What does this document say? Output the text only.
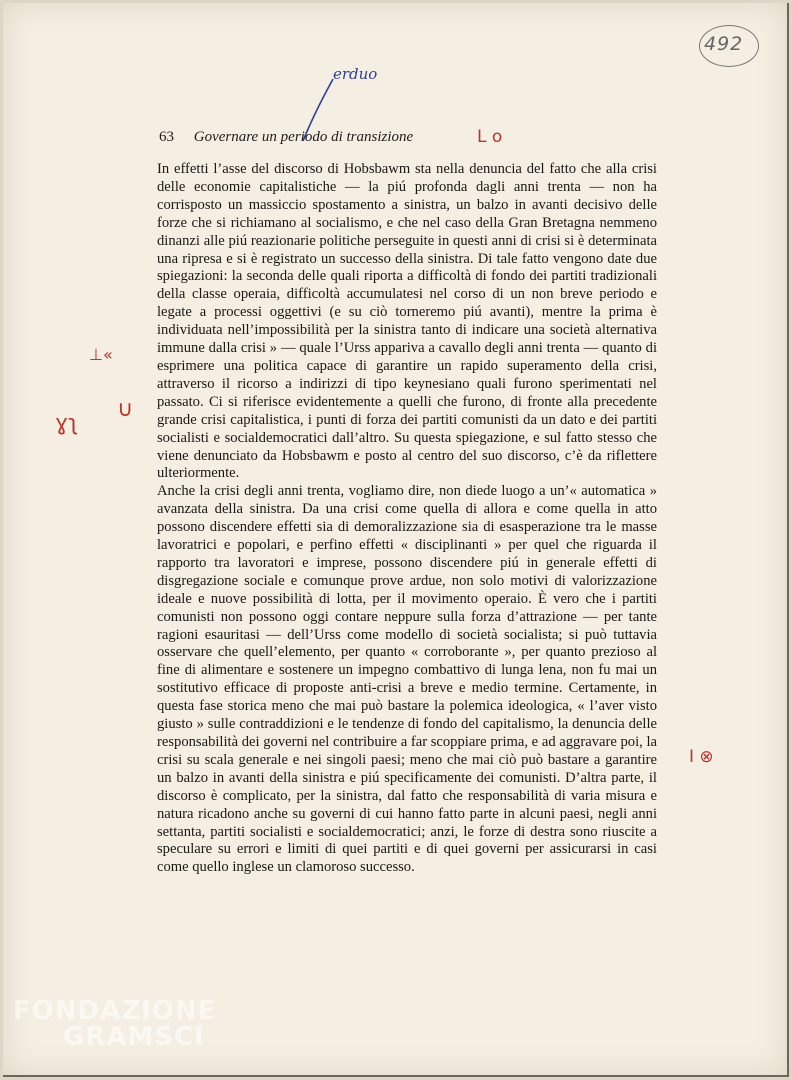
492
63 Governare un periodo di transizione
erduo
L o
⊥«
ɣʅ
∪
I ⊗

In effetti l’asse del discorso di Hobsbawm sta nella denuncia del fatto che alla crisi delle economie capitalistiche — la piú profonda dagli anni trenta — non ha corrisposto un massiccio spostamento a sinistra, un balzo in avanti decisivo delle forze che si richiamano al socialismo, e che nel caso della Gran Bretagna nemmeno dinanzi alle piú reazionarie politiche perseguite in questi anni di crisi si è determinata una ripresa e si è registrato un successo della sinistra. Di tale fatto vengono date due spiegazioni: la seconda delle quali riporta a difficoltà di fondo dei partiti tradizionali della classe operaia, difficoltà accumulatesi nel corso di un non breve periodo e legate a processi oggettivi (e su ciò torneremo piú avanti), mentre la prima è individuata nell’impossibilità per la sinistra tanto di indicare una società alternativa immune dalla crisi » — quale l’Urss appariva a cavallo degli anni trenta — quanto di esprimere una politica capace di garantire un rapido superamento della crisi, attraverso il ricorso a indirizzi di tipo keynesiano quali furono sperimentati nel passato. Ci si riferisce evidentemente a quelli che furono, di fronte alla precedente grande crisi capitalistica, i punti di forza dei partiti comunisti da un dato e dei partiti socialisti e socialdemocratici dall’altro. Su questa spiegazione, e sul fatto stesso che viene denunciato da Hobsbawm e posto al centro del suo discorso, c’è da riflettere ulteriormente.

Anche la crisi degli anni trenta, vogliamo dire, non diede luogo a un’« automatica » avanzata della sinistra. Da una crisi come quella di allora e come quella in atto possono discendere effetti sia di demoralizzazione sia di esasperazione tra le masse lavoratrici e popolari, e perfino effetti « disciplinanti » per quel che riguarda il rapporto tra lavoratori e imprese, possono discendere piú in generale effetti di disgregazione sociale e comunque prove ardue, non solo motivi di valorizzazione ideale e nuove possibilità di lotta, per il movimento operaio. È vero che i partiti comunisti non possono oggi contare neppure sulla forza d’attrazione — per tante ragioni esauritasi — dell’Urss come modello di società socialista; si può tuttavia osservare che quell’elemento, per quanto « corroborante », per quanto prezioso al fine di alimentare e sostenere un impegno combattivo di lunga lena, non fu mai un sostitutivo efficace di proposte anti-crisi a breve e medio termine. Certamente, in questa fase storica meno che mai può bastare la polemica ideologica, « l’aver visto giusto » sulle contraddizioni e le tendenze di fondo del capitalismo, la denuncia delle responsabilità dei governi nel contribuire a far scoppiare prima, e ad aggravare poi, la crisi su scala generale e nei singoli paesi; meno che mai ciò può bastare a garantire un balzo in avanti della sinistra e piú specificamente dei comunisti. D’altra parte, il discorso è complicato, per la sinistra, dal fatto che responsabilità di varia misura e natura ricadono anche su governi di cui hanno fatto parte in alcuni paesi, negli anni settanta, partiti socialisti e socialdemocratici; anzi, le forze di destra sono riuscite a speculare su errori e limiti di quei partiti e di quei governi per assicurarsi in casi come quello inglese un clamoroso successo.

FONDAZIONE
GRAMSCI
